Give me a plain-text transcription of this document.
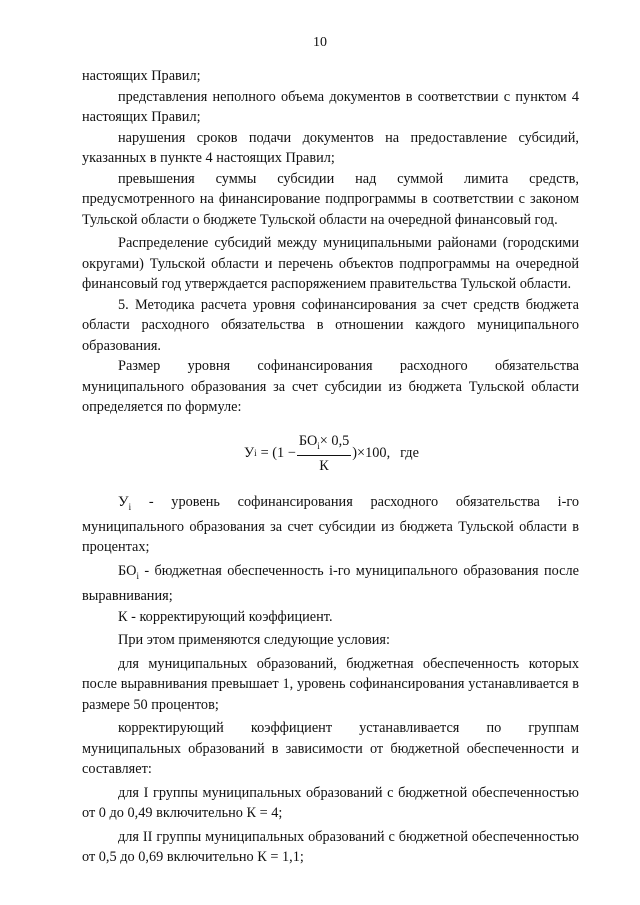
10

настоящих Правил;

представления неполного объема документов в соответствии с пунктом 4 настоящих Правил;

нарушения сроков подачи документов на предоставление субсидий, указанных в пункте 4 настоящих Правил;

превышения суммы субсидии над суммой лимита средств, предусмотренного на финансирование подпрограммы в соответствии с законом Тульской области о бюджете Тульской области на очередной финансовый год.

Распределение субсидий между муниципальными районами (городскими округами) Тульской области и перечень объектов подпрограммы на очередной финансовый год утверждается распоряжением правительства Тульской области.

5. Методика расчета уровня софинансирования за счет средств бюджета области расходного обязательства в отношении каждого муниципального образования.

Размер уровня софинансирования расходного обязательства муниципального образования за счет субсидии из бюджета Тульской области определяется по формуле:

У $i = (1 - \frac{БО_i\times 0,5}{К} )\times 100$, где

$У_i$ - уровень софинансирования расходного обязательства i-го муниципального образования за счет субсидии из бюджета Тульской области в процентах;

$БО_i$ - бюджетная обеспеченность i-го муниципального образования после выравнивания;

К - корректирующий коэффициент.

При этом применяются следующие условия:

для муниципальных образований, бюджетная обеспеченность которых после выравнивания превышает 1, уровень софинансирования устанавливается в размере 50 процентов;

корректирующий коэффициент устанавливается по группам муниципальных образований в зависимости от бюджетной обеспеченности и составляет:

для I группы муниципальных образований с бюджетной обеспеченностью от 0 до 0,49 включительно К = 4;

для II группы муниципальных образований с бюджетной обеспеченностью от 0,5 до 0,69 включительно К = 1,1;
